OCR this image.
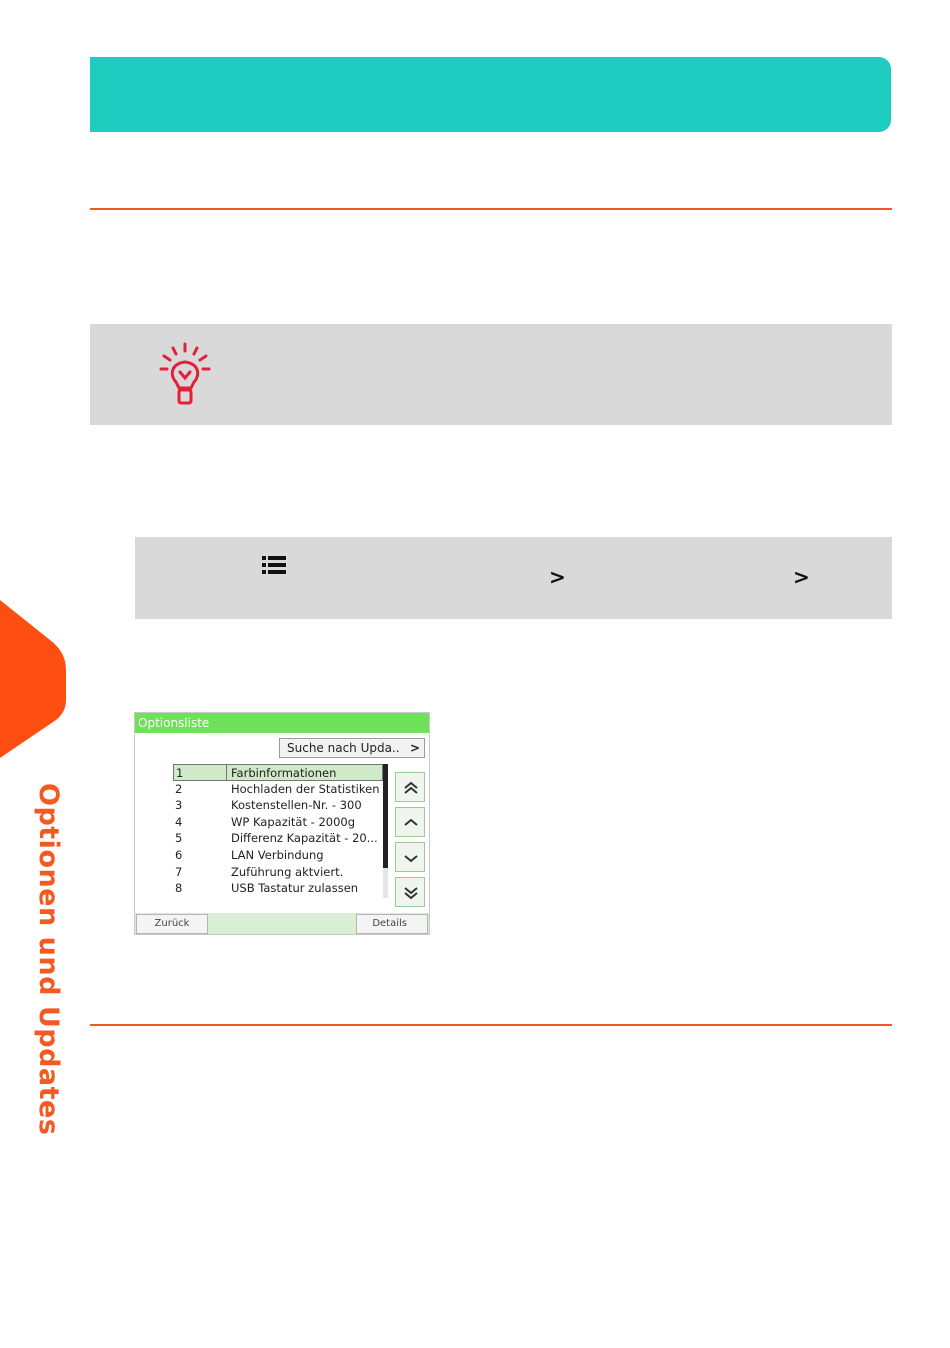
>	>
Optionen und Updates
Optionsliste
Suche nach Upda.. >
1	Farbinformationen
2	Hochladen der Statistiken
3	Kostenstellen-Nr. - 300
4	WP Kapazität - 2000g
5	Differenz Kapazität - 20...
6	LAN Verbindung
7	Zuführung aktviert.
8	USB Tastatur zulassen
Zurück	Details
